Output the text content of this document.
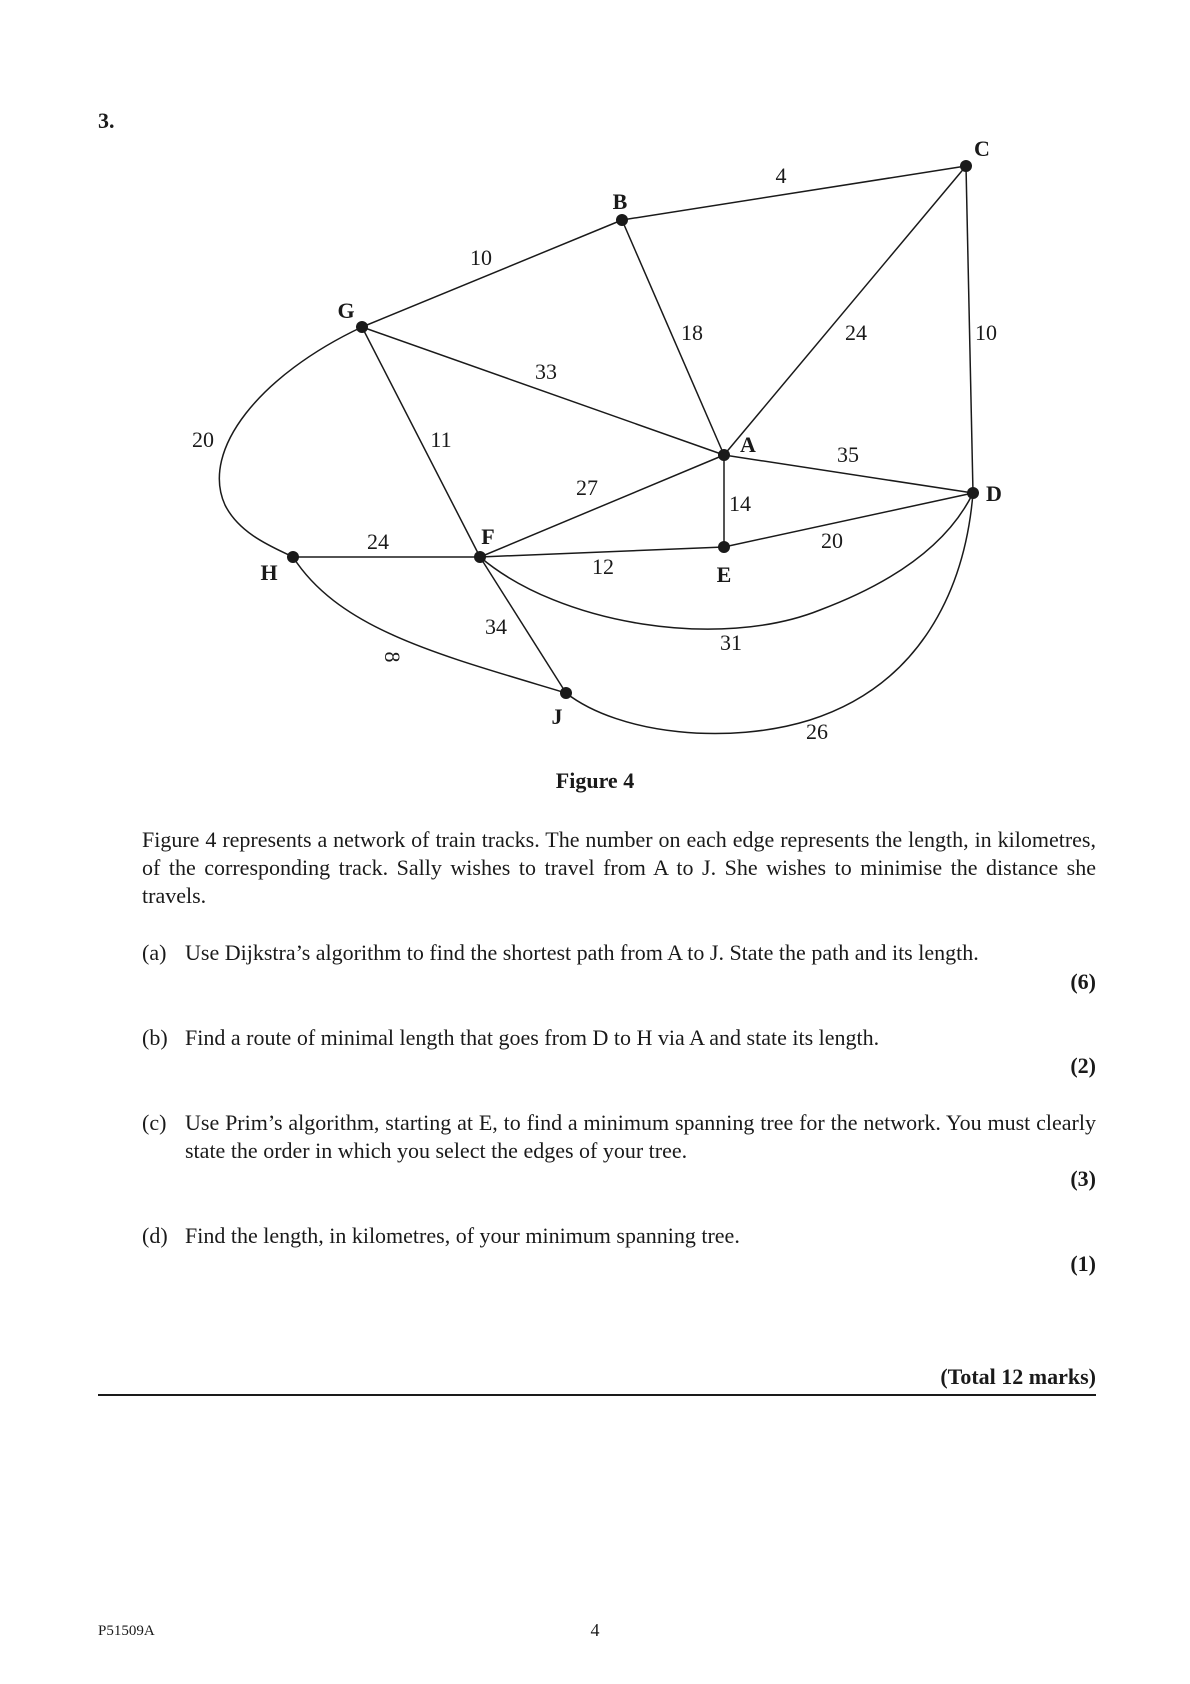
3.
4
10
18	24	10
33
20	11
35
27
14
20
24
12
31
34
8
26
A
B
C
D
E
F
G
H
J
Figure 4
Figure 4 represents a network of train tracks. The number on each edge represents the length, in kilometres, of the corresponding track. Sally wishes to travel from A to J. She wishes to minimise the distance she travels.
(a) Use Dijkstra’s algorithm to find the shortest path from A to J. State the path and its length.
(6)
(b) Find a route of minimal length that goes from D to H via A and state its length.
(2)
(c) Use Prim’s algorithm, starting at E, to find a minimum spanning tree for the network. You must clearly state the order in which you select the edges of your tree.
(3)
(d) Find the length, in kilometres, of your minimum spanning tree.
(1)
(Total 12 marks)
P51509A	4
